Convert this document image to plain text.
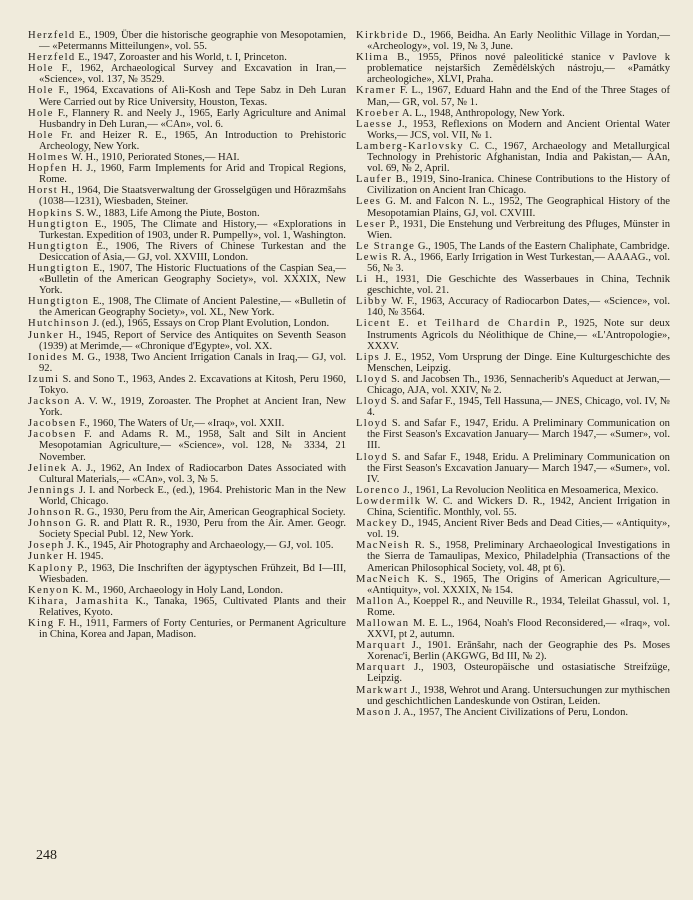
Herzfeld E., 1909, Über die historische geographie von Mesopotamien,— «Petermanns Mitteilungen», vol. 55.

Herzfeld E., 1947, Zoroaster and his World, t. I, Princeton.

Hole F., 1962, Archaeological Survey and Excavation in Iran,— «Science», vol. 137, № 3529.

Hole F., 1964, Excavations of Ali-Kosh and Tepe Sabz in Deh Luran Were Carried out by Rice University, Houston, Texas.

Hole F., Flannery R. and Neely J., 1965, Early Agriculture and Animal Husbandry in Deh Luran,— «CAn», vol. 6.

Hole Fr. and Heizer R. E., 1965, An Introduction to Prehistoric Archeology, New York.

Holmes W. H., 1910, Periorated Stones,— HAI.

Hopfen H. J., 1960, Farm Implements for Arid and Tropical Regions, Rome.

Horst H., 1964, Die Staatsverwaltung der Grosselgügen und Hōrazmšahs (1038—1231), Wiesbaden, Steiner.

Hopkins S. W., 1883, Life Among the Piute, Boston.

Hungtigton E., 1905, The Climate and History,— «Explorations in Turkestan. Expedition of 1903, under R. Pumpelly», vol. 1, Washington.

Hungtigton E., 1906, The Rivers of Chinese Turkestan and the Desiccation of Asia,— GJ, vol. XXVIII, London.

Hungtigton E., 1907, The Historic Fluctuations of the Caspian Sea,— «Bulletin of the American Geography Society», vol. XXXIX, New York.

Hungtigton E., 1908, The Climate of Ancient Palestine,— «Bulletin of the American Geography Society», vol. XL, New York.

Hutchinson J. (ed.), 1965, Essays on Crop Plant Evolution, London.

Junker H., 1945, Report of Service des Antiquites on Seventh Season (1939) at Merimde,— «Chronique d'Egypte», vol. XX.

Ionides M. G., 1938, Two Ancient Irrigation Canals in Iraq,— GJ, vol. 92.

Izumi S. and Sono T., 1963, Andes 2. Excavations at Kitosh, Peru 1960, Tokyo.

Jackson A. V. W., 1919, Zoroaster. The Prophet at Ancient Iran, New York.

Jacobsen F., 1960, The Waters of Ur,— «Iraq», vol. XXII.

Jacobsen F. and Adams R. M., 1958, Salt and Silt in Ancient Mesopotamian Agriculture,— «Science», vol. 128, № 3334, 21 November.

Jelinek A. J., 1962, An Index of Radiocarbon Dates Associated with Cultural Materials,— «CAn», vol. 3, № 5.

Jennings J. I. and Norbeck E., (ed.), 1964. Prehistoric Man in the New World, Chicago.

Johnson R. G., 1930, Peru from the Air, American Geographical Society.

Johnson G. R. and Platt R. R., 1930, Peru from the Air. Amer. Geogr. Society Special Publ. 12, New York.

Joseph J. K., 1945, Air Photography and Archaeology,— GJ, vol. 105.

Junker H. 1945.

Kaplony P., 1963, Die Inschriften der ägyptyschen Frühzeit, Bd I—III, Wiesbaden.

Kenyon K. M., 1960, Archaeology in Holy Land, London.

Kihara, Jamashita K., Tanaka, 1965, Cultivated Plants and their Relatives, Kyoto.

King F. H., 1911, Farmers of Forty Centuries, or Permanent Agriculture in China, Korea and Japan, Madison.

Kirkbride D., 1966, Beidha. An Early Neolithic Village in Yordan,— «Archeology», vol. 19, № 3, June.

Klima B., 1955, Přinos nové paleolitické stanice v Pavlove k problematice nejstaršich Zemědėlských nástroju,— «Památky archeologiche», XLVI, Praha.

Kramer F. L., 1967, Eduard Hahn and the End of the Three Stages of Man,— GR, vol. 57, № 1.

Kroeber A. L., 1948, Anthropology, New York.

Laesse J., 1953, Reflexions on Modern and Ancient Oriental Water Works,— JCS, vol. VII, № 1.

Lamberg-Karlovsky C. C., 1967, Archaeology and Metallurgical Technology in Prehistoric Afghanistan, India and Pakistan,— AAn, vol. 69, № 2, April.

Laufer B., 1919, Sino-Iranica. Chinese Contributions to the History of Civilization on Ancient Iran Chicago.

Lees G. M. and Falcon N. L., 1952, The Geographical History of the Mesopotamian Plains, GJ, vol. CXVIII.

Leser P., 1931, Die Enstehung und Verbreitung des Pfluges, Münster in Wien.

Le Strange G., 1905, The Lands of the Eastern Chaliphate, Cambridge.

Lewis R. A., 1966, Early Irrigation in West Turkestan,— AAAAG., vol. 56, № 3.

Li H., 1931, Die Geschichte des Wasserbaues in China, Technik geschichte, vol. 21.

Libby W. F., 1963, Accuracy of Radiocarbon Dates,— «Science», vol. 140, № 3564.

Licent E. et Teilhard de Chardin P., 1925, Note sur deux Instruments Agricols du Néolithique de Chine,— «L'Antropologie», XXXV.

Lips J. E., 1952, Vom Ursprung der Dinge. Eine Kulturgeschichte des Menschen, Leipzig.

Lloyd S. and Jacobsen Th., 1936, Sennacherib's Aqueduct at Jerwan,— Chicago, AJA, vol. XXIV, № 2.

Lloyd S. and Safar F., 1945, Tell Hassuna,— JNES, Chicago, vol. IV, № 4.

Lloyd S. and Safar F., 1947, Eridu. A Preliminary Communication on the First Season's Excavation January— March 1947,— «Sumer», vol. III.

Lloyd S. and Safar F., 1948, Eridu. A Preliminary Communication on the First Season's Excavation January— March 1947,— «Sumer», vol. IV.

Lorenco J., 1961, La Revolucion Neolitica en Mesoamerica, Mexico.

Lowdermilk W. C. and Wickers D. R., 1942, Ancient Irrigation in China, Scientific. Monthly, vol. 55.

Mackey D., 1945, Ancient River Beds and Dead Cities,— «Antiquity», vol. 19.

MacNeish R. S., 1958, Preliminary Archaeological Investigations in the Sierra de Tamaulipas, Mexico, Philadelphia (Transactions of the American Philosophical Society, vol. 48, pt 6).

MacNeich K. S., 1965, The Origins of American Agriculture,— «Antiquity», vol. XXXIX, № 154.

Mallon A., Koeppel R., and Neuville R., 1934, Teleilat Ghassul, vol. 1, Rome.

Mallowan M. E. L., 1964, Noah's Flood Reconsidered,— «Iraq», vol. XXVI, pt 2, autumn.

Marquart J., 1901. Erānšahr, nach der Geographie des Ps. Moses Xorenac'i, Berlin (AKGWG, Bd III, № 2).

Marquart J., 1903, Osteuropäische und ostasiatische Streifzüge, Leipzig.

Markwart J., 1938, Wehrot und Arang. Untersuchungen zur mythischen und geschichtlichen Landeskunde von Ostiran, Leiden.

Mason J. A., 1957, The Ancient Civilizations of Peru, London.

248
